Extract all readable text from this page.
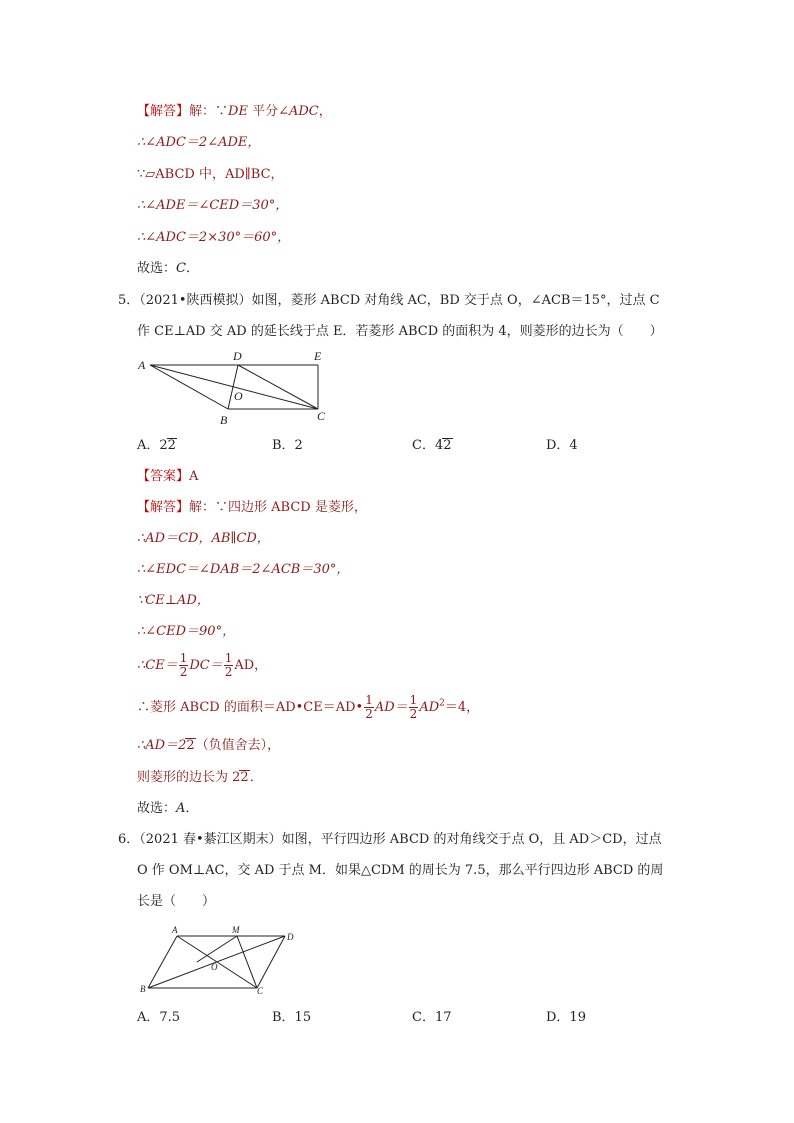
【解答】解：∵DE 平分∠ADC，
∴∠ADC＝2∠ADE，
∵▱ABCD 中，AD∥BC，
∴∠ADE＝∠CED＝30°，
∴∠ADC＝2×30°＝60°，
故选：C．
5．（2021•陕西模拟）如图，菱形 ABCD 对角线 AC，BD 交于点 O，∠ACB＝15°，过点 C
作 CE⊥AD 交 AD 的延长线于点 E．若菱形 ABCD 的面积为 4，则菱形的边长为（　　）
A
D	E
O
B	C
A．22	B．2	C．42	D．4
【答案】A
【解答】解：∵四边形 ABCD 是菱形，
∴AD＝CD，AB∥CD，
∴∠EDC＝∠DAB＝2∠ACB＝30°，
∵CE⊥AD，
∴∠CED＝90°，
∴CE＝ $\frac{1}{2} DC= \frac{1}{2}$ AD，
∴菱形 ABCD 的面积＝AD•CE＝AD• $\frac{1}{2} AD= \frac{1}{2} AD^2=4$，
∴AD＝22（负值舍去），
则菱形的边长为 22．
故选：A．
6．（2021 春•綦江区期末）如图，平行四边形 ABCD 的对角线交于点 O，且 AD＞CD，过点
O 作 OM⊥AC，交 AD 于点 M．如果△CDM 的周长为 7.5，那么平行四边形 ABCD 的周
长是（　　）
A	M
D
O
B	C
A．7.5	B．15	C．17	D．19
